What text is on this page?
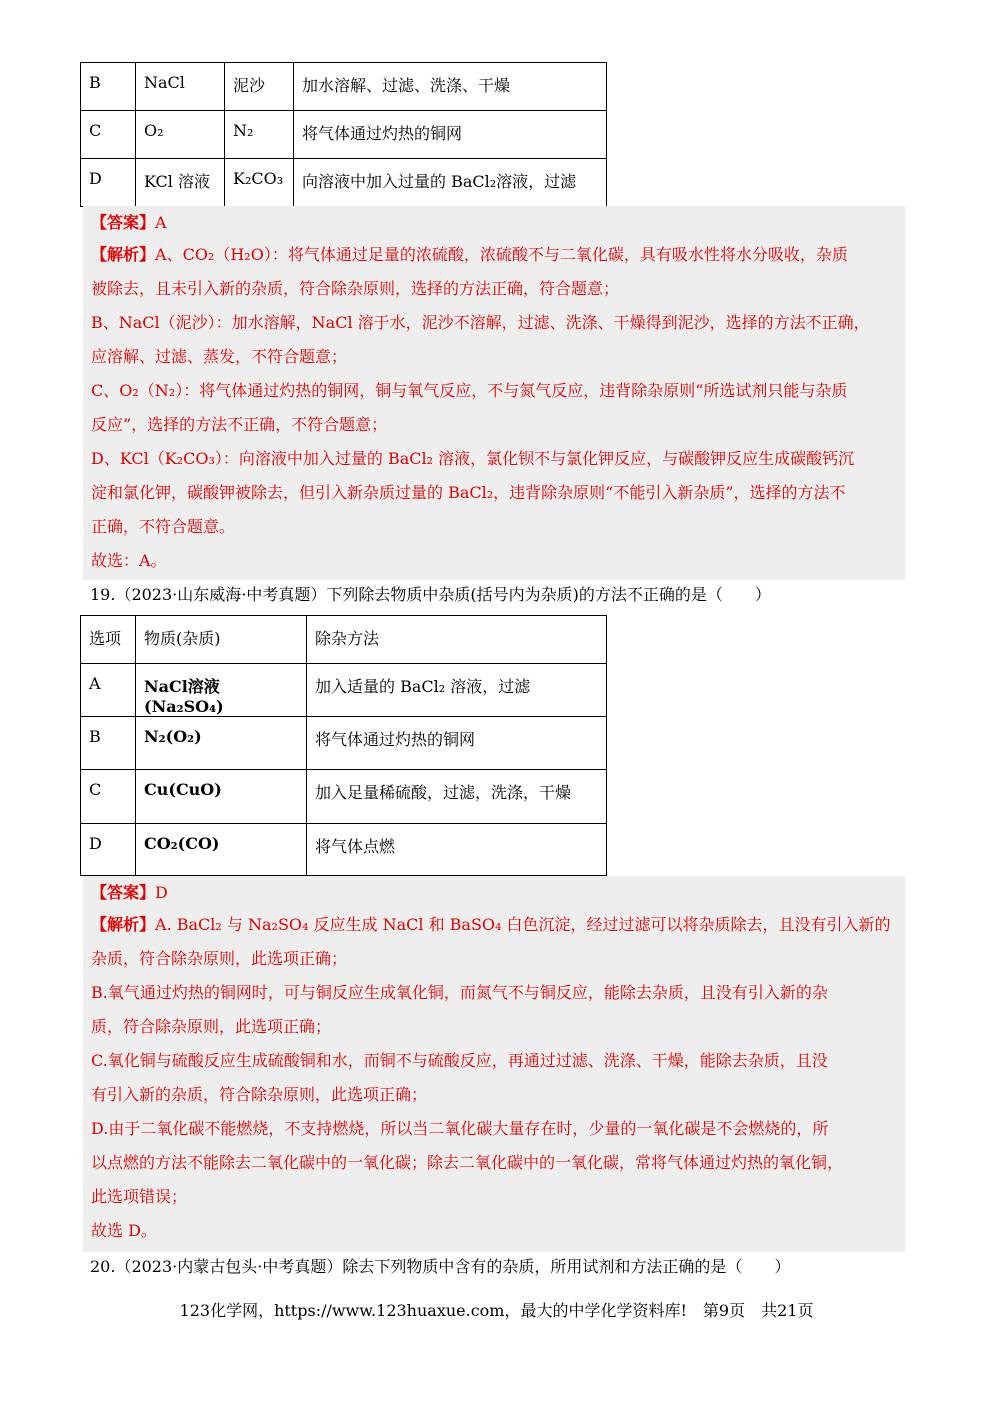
B	NaCl	泥沙	加水溶解、过滤、洗涤、干燥

C	O₂	N₂	将气体通过灼热的铜网

D	KCl 溶液	K₂CO₃	向溶液中加入过量的 BaCl₂溶液，过滤
【答案】A
【解析】A、CO₂（H₂O）：将气体通过足量的浓硫酸，浓硫酸不与二氧化碳，具有吸水性将水分吸收，杂质
被除去，且未引入新的杂质，符合除杂原则，选择的方法正确，符合题意；
B、NaCl（泥沙）：加水溶解，NaCl 溶于水，泥沙不溶解，过滤、洗涤、干燥得到泥沙，选择的方法不正确，
应溶解、过滤、蒸发，不符合题意；
C、O₂（N₂）：将气体通过灼热的铜网，铜与氧气反应，不与氮气反应，违背除杂原则“所选试剂只能与杂质
反应”，选择的方法不正确，不符合题意；
D、KCl（K₂CO₃）：向溶液中加入过量的 BaCl₂ 溶液，氯化钡不与氯化钾反应，与碳酸钾反应生成碳酸钙沉
淀和氯化钾，碳酸钾被除去，但引入新杂质过量的 BaCl₂，违背除杂原则“不能引入新杂质”，选择的方法不
正确，不符合题意。
故选：A。
19.（2023·山东威海·中考真题）下列除去物质中杂质(括号内为杂质)的方法不正确的是（　　）
选项	物质(杂质)	除杂方法

A	NaCl溶液(Na₂SO₄)	加入适量的 BaCl₂ 溶液，过滤

B	N₂(O₂)	将气体通过灼热的铜网

C	Cu(CuO)	加入足量稀硫酸，过滤，洗涤，干燥

D	CO₂(CO)	将气体点燃
【答案】D
【解析】A. BaCl₂ 与 Na₂SO₄ 反应生成 NaCl 和 BaSO₄ 白色沉淀，经过过滤可以将杂质除去，且没有引入新的
杂质，符合除杂原则，此选项正确；
B.氧气通过灼热的铜网时，可与铜反应生成氧化铜，而氮气不与铜反应，能除去杂质，且没有引入新的杂
质，符合除杂原则，此选项正确；
C.氧化铜与硫酸反应生成硫酸铜和水，而铜不与硫酸反应，再通过过滤、洗涤、干燥，能除去杂质，且没
有引入新的杂质，符合除杂原则，此选项正确；
D.由于二氧化碳不能燃烧，不支持燃烧，所以当二氧化碳大量存在时，少量的一氧化碳是不会燃烧的，所
以点燃的方法不能除去二氧化碳中的一氧化碳；除去二氧化碳中的一氧化碳，常将气体通过灼热的氧化铜，
此选项错误；
故选 D。
20.（2023·内蒙古包头·中考真题）除去下列物质中含有的杂质，所用试剂和方法正确的是（　　）
123化学网，https://www.123huaxue.com，最大的中学化学资料库!　第9页　共21页
